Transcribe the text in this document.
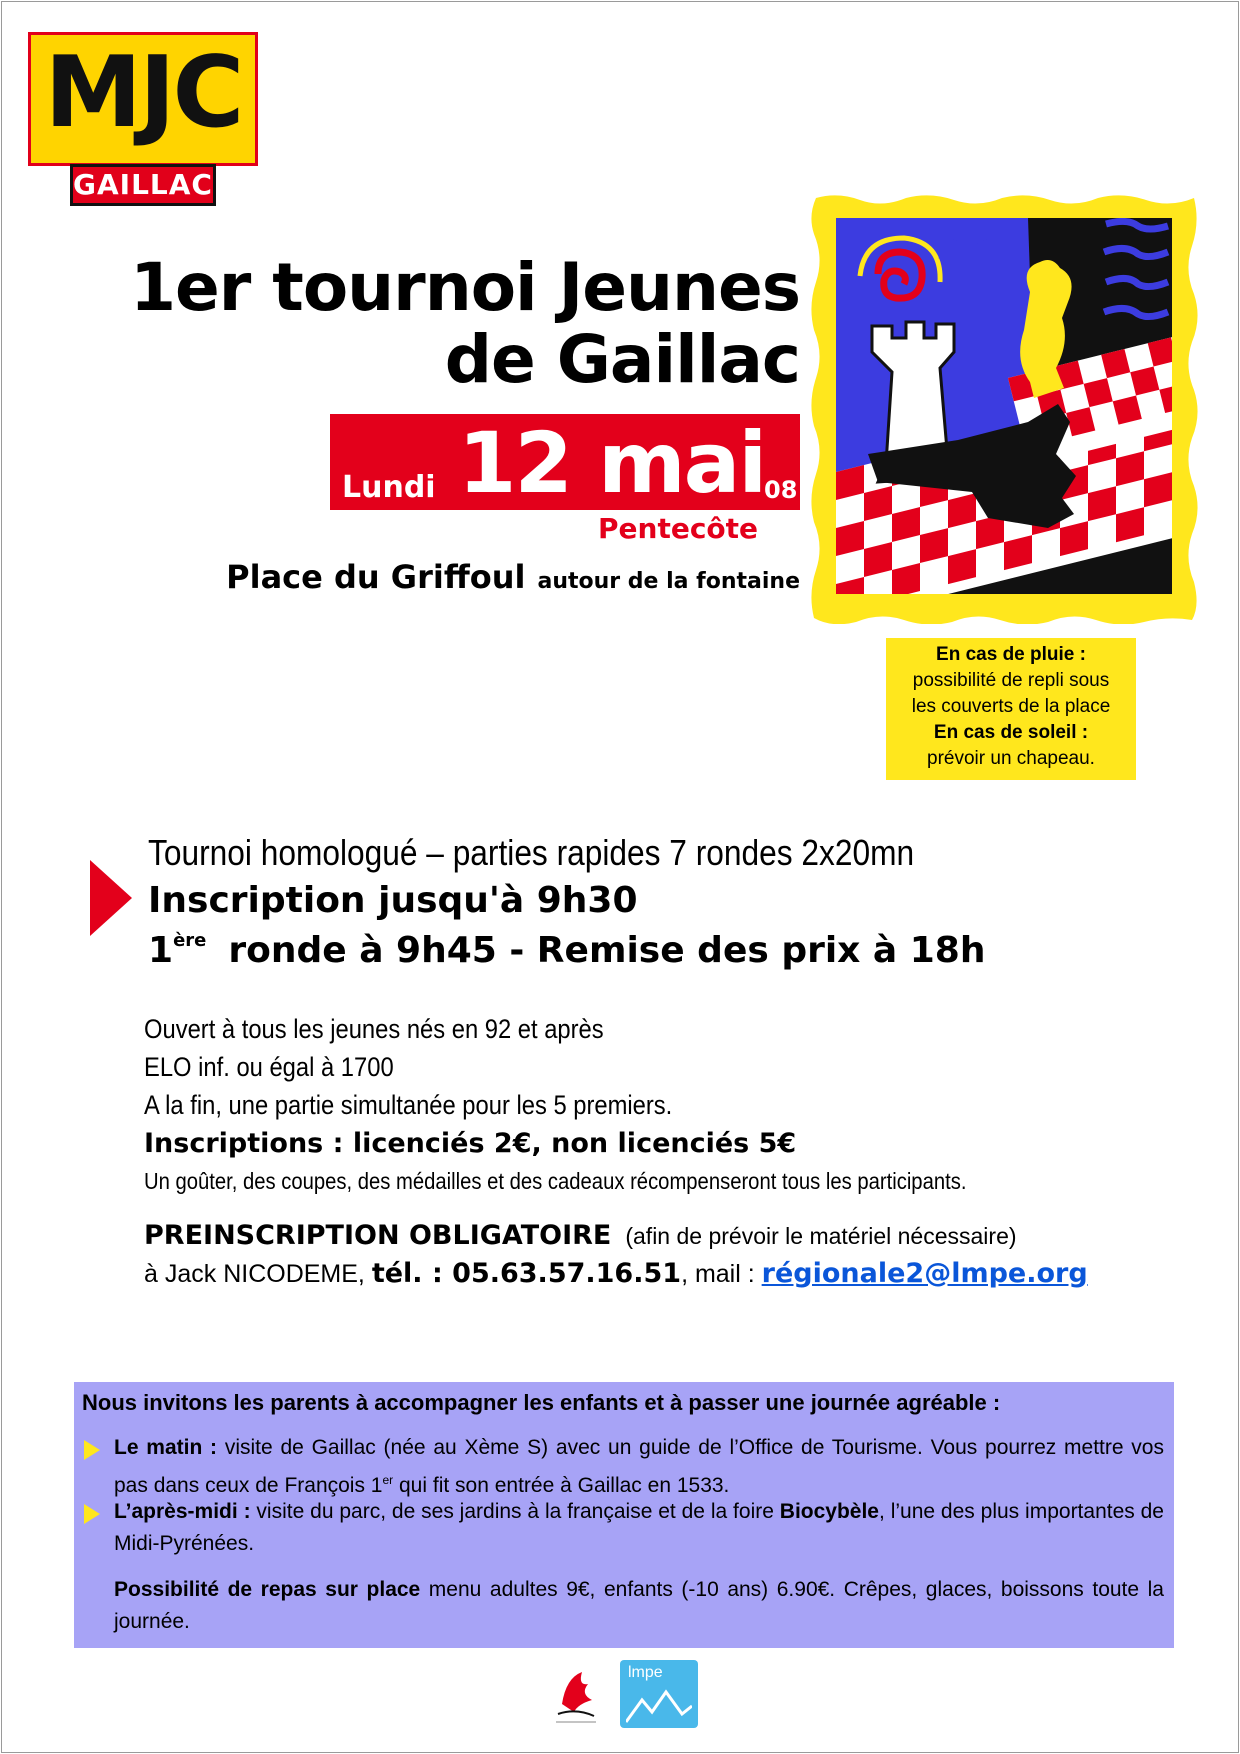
MJC
GAILLAC
1er tournoi Jeunes
de Gaillac
Lundi 12 mai
08
Pentecôte
Place du Griffoul autour de la fontaine
En cas de pluie :
possibilité de repli sous
les couverts de la place
En cas de soleil :
prévoir un chapeau.
Tournoi homologué – parties rapides 7 rondes 2x20mn
Inscription jusqu'à 9h30
1ère ronde à 9h45 - Remise des prix à 18h
Ouvert à tous les jeunes nés en 92 et après
ELO inf. ou égal à 1700
A la fin, une partie simultanée pour les 5 premiers.
Inscriptions : licenciés 2€, non licenciés 5€
Un goûter, des coupes, des médailles et des cadeaux récompenseront tous les participants.
PREINSCRIPTION OBLIGATOIRE (afin de prévoir le matériel nécessaire)
à Jack NICODEME, tél. : 05.63.57.16.51, mail : régionale2@lmpe.org
Nous invitons les parents à accompagner les enfants et à passer une journée agréable :
Le matin : visite de Gaillac (née au Xème S) avec un guide de l’Office de Tourisme. Vous pourrez mettre vos pas dans ceux de François 1er qui fit son entrée à Gaillac en 1533.
L’après-midi : visite du parc, de ses jardins à la française et de la foire Biocybèle, l’une des plus importantes de Midi-Pyrénées.
Possibilité de repas sur place menu adultes 9€, enfants (-10 ans) 6.90€. Crêpes, glaces, boissons toute la journée.
lmpe
